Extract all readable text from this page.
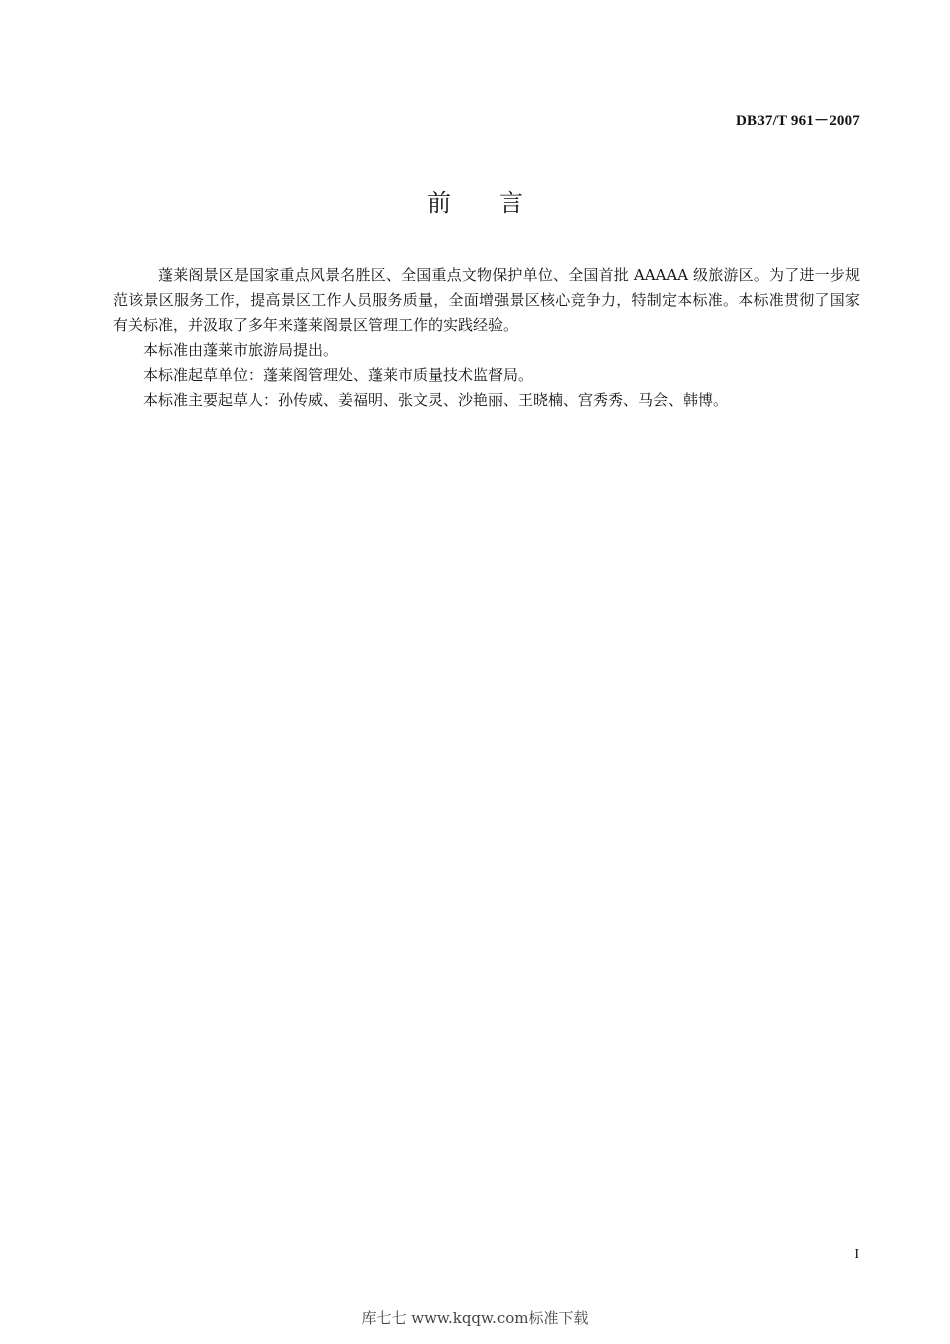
DB37/T 961－2007
前 言

蓬莱阁景区是国家重点风景名胜区、全国重点文物保护单位、全国首批 AAAAA 级旅游区。为了进一步规范该景区服务工作，提高景区工作人员服务质量，全面增强景区核心竞争力，特制定本标准。本标准贯彻了国家有关标准，并汲取了多年来蓬莱阁景区管理工作的实践经验。

本标准由蓬莱市旅游局提出。

本标准起草单位：蓬莱阁管理处、蓬莱市质量技术监督局。

本标准主要起草人：孙传威、姜福明、张文灵、沙艳丽、王晓楠、宫秀秀、马会、韩博。

I
库七七 www.kqqw.com标准下载
